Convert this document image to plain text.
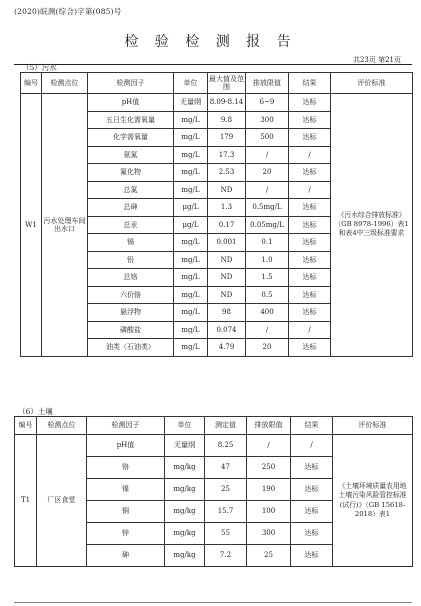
(2020)皖测(综合)字第(085)号
检 验 检 测 报 告
共23页 第21页
（5）污水
编号	检测点位	检测因子	单位	最大值及范围	排放限值	结果	评价标准
W1	污水处理车间出水口	pH值	无量纲	8.09-8.14	6~9	达标	《污水综合排放标准》（GB 8978-1996）表1和表4中三级标准要求
		五日生化需氧量	mg/L	9.8	300	达标	
		化学需氧量	mg/L	179	500	达标	
		氨氮	mg/L	17.3	/	/	
		氟化物	mg/L	2.53	20	达标	
		总氮	mg/L	ND	/	/	
		总砷	μg/L	1.3	0.5mg/L	达标	
		总汞	μg/L	0.17	0.05mg/L	达标	
		镉	mg/L	0.001	0.1	达标	
		铅	mg/L	ND	1.0	达标	
		总铬	mg/L	ND	1.5	达标	
		六价铬	mg/L	ND	0.5	达标	
		悬浮物	mg/L	98	400	达标	
		磷酸盐	mg/L	0.074	/	/	
		油类（石油类）	mg/L	4.79	20	达标	
（6）土壤
编号	检测点位	检测因子	单位	测定值	排放限值	结果	评价标准
T1	厂区食堂	pH值	无量纲	8.25	/	/	《土壤环境质量农用地土壤污染风险管控标准(试行)》（GB 15618-2018）表1
		铬	mg/kg	47	250	达标	
		镍	mg/kg	25	190	达标	
		铜	mg/kg	15.7	100	达标	
		锌	mg/kg	55	300	达标	
		砷	mg/kg	7.2	25	达标	
